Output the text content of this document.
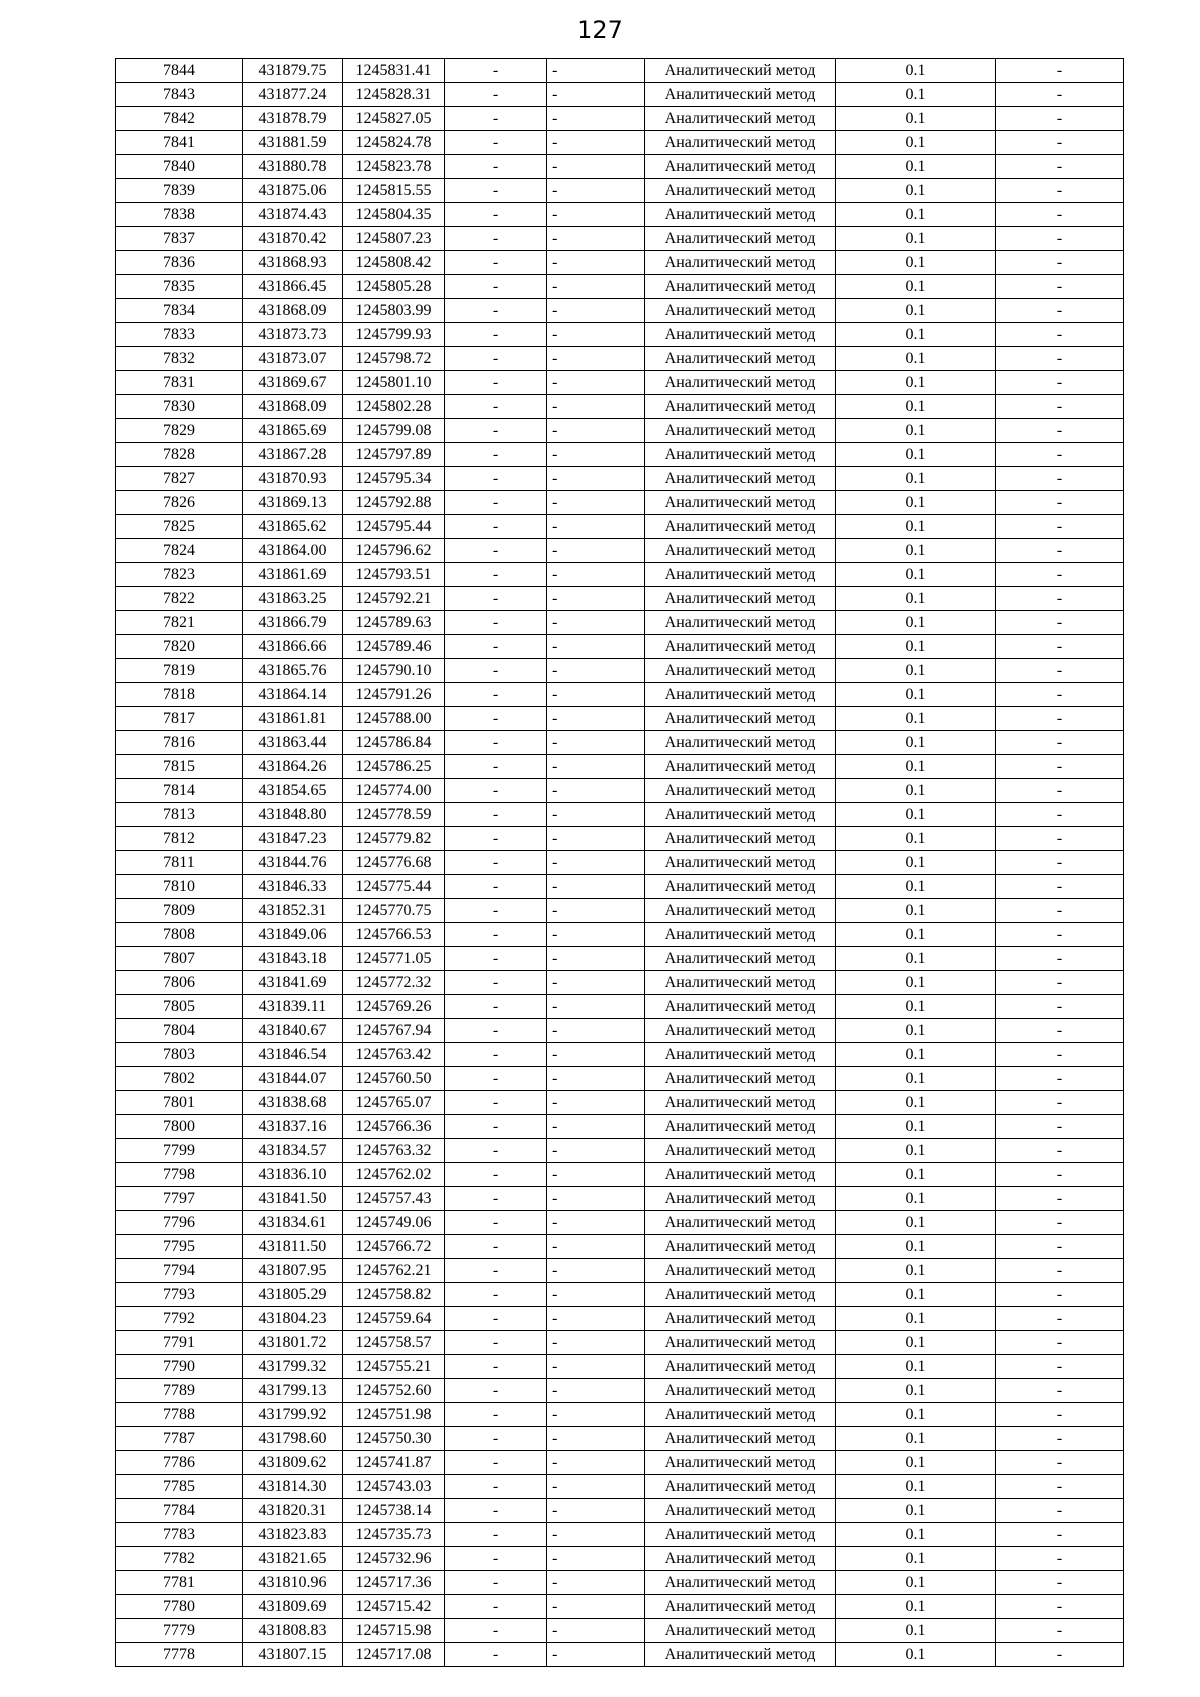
127
7844	431879.75	1245831.41	-	-	Аналитический метод	0.1	-
7843	431877.24	1245828.31	-	-	Аналитический метод	0.1	-
7842	431878.79	1245827.05	-	-	Аналитический метод	0.1	-
7841	431881.59	1245824.78	-	-	Аналитический метод	0.1	-
7840	431880.78	1245823.78	-	-	Аналитический метод	0.1	-
7839	431875.06	1245815.55	-	-	Аналитический метод	0.1	-
7838	431874.43	1245804.35	-	-	Аналитический метод	0.1	-
7837	431870.42	1245807.23	-	-	Аналитический метод	0.1	-
7836	431868.93	1245808.42	-	-	Аналитический метод	0.1	-
7835	431866.45	1245805.28	-	-	Аналитический метод	0.1	-
7834	431868.09	1245803.99	-	-	Аналитический метод	0.1	-
7833	431873.73	1245799.93	-	-	Аналитический метод	0.1	-
7832	431873.07	1245798.72	-	-	Аналитический метод	0.1	-
7831	431869.67	1245801.10	-	-	Аналитический метод	0.1	-
7830	431868.09	1245802.28	-	-	Аналитический метод	0.1	-
7829	431865.69	1245799.08	-	-	Аналитический метод	0.1	-
7828	431867.28	1245797.89	-	-	Аналитический метод	0.1	-
7827	431870.93	1245795.34	-	-	Аналитический метод	0.1	-
7826	431869.13	1245792.88	-	-	Аналитический метод	0.1	-
7825	431865.62	1245795.44	-	-	Аналитический метод	0.1	-
7824	431864.00	1245796.62	-	-	Аналитический метод	0.1	-
7823	431861.69	1245793.51	-	-	Аналитический метод	0.1	-
7822	431863.25	1245792.21	-	-	Аналитический метод	0.1	-
7821	431866.79	1245789.63	-	-	Аналитический метод	0.1	-
7820	431866.66	1245789.46	-	-	Аналитический метод	0.1	-
7819	431865.76	1245790.10	-	-	Аналитический метод	0.1	-
7818	431864.14	1245791.26	-	-	Аналитический метод	0.1	-
7817	431861.81	1245788.00	-	-	Аналитический метод	0.1	-
7816	431863.44	1245786.84	-	-	Аналитический метод	0.1	-
7815	431864.26	1245786.25	-	-	Аналитический метод	0.1	-
7814	431854.65	1245774.00	-	-	Аналитический метод	0.1	-
7813	431848.80	1245778.59	-	-	Аналитический метод	0.1	-
7812	431847.23	1245779.82	-	-	Аналитический метод	0.1	-
7811	431844.76	1245776.68	-	-	Аналитический метод	0.1	-
7810	431846.33	1245775.44	-	-	Аналитический метод	0.1	-
7809	431852.31	1245770.75	-	-	Аналитический метод	0.1	-
7808	431849.06	1245766.53	-	-	Аналитический метод	0.1	-
7807	431843.18	1245771.05	-	-	Аналитический метод	0.1	-
7806	431841.69	1245772.32	-	-	Аналитический метод	0.1	-
7805	431839.11	1245769.26	-	-	Аналитический метод	0.1	-
7804	431840.67	1245767.94	-	-	Аналитический метод	0.1	-
7803	431846.54	1245763.42	-	-	Аналитический метод	0.1	-
7802	431844.07	1245760.50	-	-	Аналитический метод	0.1	-
7801	431838.68	1245765.07	-	-	Аналитический метод	0.1	-
7800	431837.16	1245766.36	-	-	Аналитический метод	0.1	-
7799	431834.57	1245763.32	-	-	Аналитический метод	0.1	-
7798	431836.10	1245762.02	-	-	Аналитический метод	0.1	-
7797	431841.50	1245757.43	-	-	Аналитический метод	0.1	-
7796	431834.61	1245749.06	-	-	Аналитический метод	0.1	-
7795	431811.50	1245766.72	-	-	Аналитический метод	0.1	-
7794	431807.95	1245762.21	-	-	Аналитический метод	0.1	-
7793	431805.29	1245758.82	-	-	Аналитический метод	0.1	-
7792	431804.23	1245759.64	-	-	Аналитический метод	0.1	-
7791	431801.72	1245758.57	-	-	Аналитический метод	0.1	-
7790	431799.32	1245755.21	-	-	Аналитический метод	0.1	-
7789	431799.13	1245752.60	-	-	Аналитический метод	0.1	-
7788	431799.92	1245751.98	-	-	Аналитический метод	0.1	-
7787	431798.60	1245750.30	-	-	Аналитический метод	0.1	-
7786	431809.62	1245741.87	-	-	Аналитический метод	0.1	-
7785	431814.30	1245743.03	-	-	Аналитический метод	0.1	-
7784	431820.31	1245738.14	-	-	Аналитический метод	0.1	-
7783	431823.83	1245735.73	-	-	Аналитический метод	0.1	-
7782	431821.65	1245732.96	-	-	Аналитический метод	0.1	-
7781	431810.96	1245717.36	-	-	Аналитический метод	0.1	-
7780	431809.69	1245715.42	-	-	Аналитический метод	0.1	-
7779	431808.83	1245715.98	-	-	Аналитический метод	0.1	-
7778	431807.15	1245717.08	-	-	Аналитический метод	0.1	-
